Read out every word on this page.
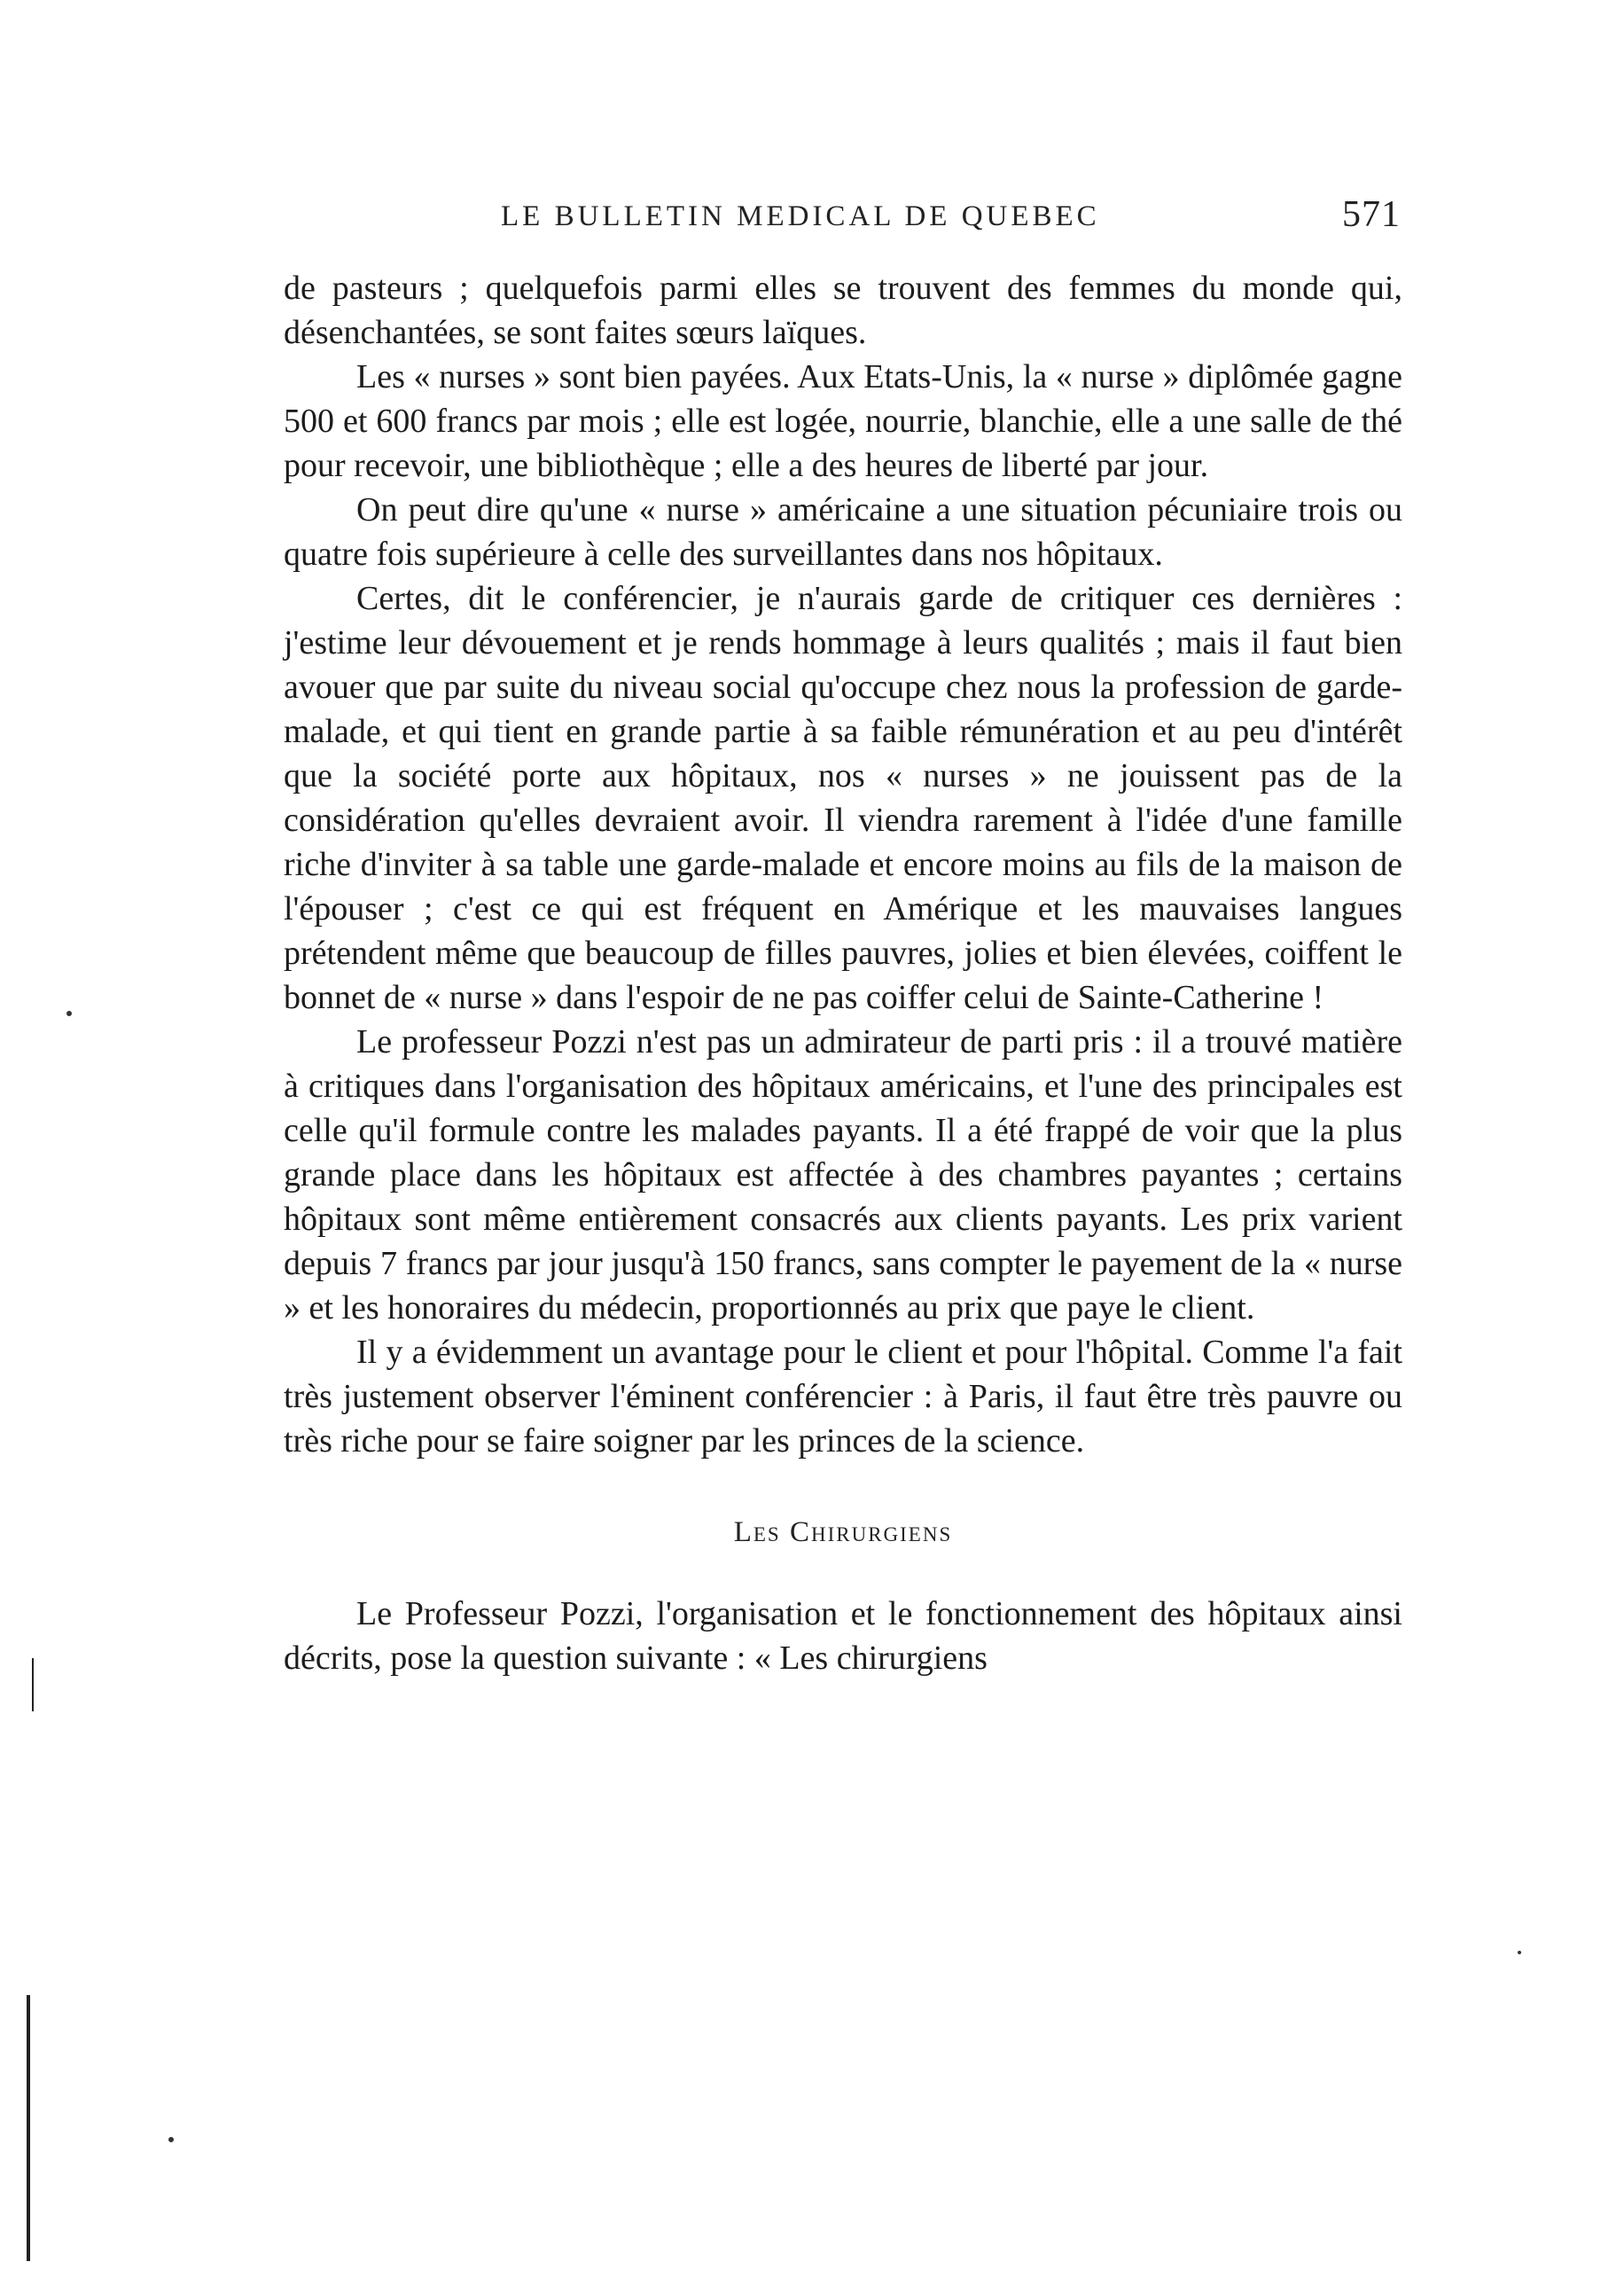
LE BULLETIN MEDICAL DE QUEBEC	571

de pasteurs ; quelquefois parmi elles se trouvent des femmes du monde qui, désenchantées, se sont faites sœurs laïques.

Les « nurses » sont bien payées. Aux Etats-Unis, la « nurse » diplômée gagne 500 et 600 francs par mois ; elle est logée, nourrie, blanchie, elle a une salle de thé pour recevoir, une bibliothèque ; elle a des heures de liberté par jour.

On peut dire qu'une « nurse » américaine a une situation pécuniaire trois ou quatre fois supérieure à celle des surveillantes dans nos hôpitaux.

Certes, dit le conférencier, je n'aurais garde de critiquer ces dernières : j'estime leur dévouement et je rends hommage à leurs qualités ; mais il faut bien avouer que par suite du niveau social qu'occupe chez nous la profession de garde-malade, et qui tient en grande partie à sa faible rémunération et au peu d'intérêt que la société porte aux hôpitaux, nos « nurses » ne jouissent pas de la considération qu'elles devraient avoir. Il viendra rarement à l'idée d'une famille riche d'inviter à sa table une garde-malade et encore moins au fils de la maison de l'épouser ; c'est ce qui est fréquent en Amérique et les mauvaises langues prétendent même que beaucoup de filles pauvres, jolies et bien élevées, coiffent le bonnet de « nurse » dans l'espoir de ne pas coiffer celui de Sainte-Catherine !

Le professeur Pozzi n'est pas un admirateur de parti pris : il a trouvé matière à critiques dans l'organisation des hôpitaux américains, et l'une des principales est celle qu'il formule contre les malades payants. Il a été frappé de voir que la plus grande place dans les hôpitaux est affectée à des chambres payantes ; certains hôpitaux sont même entièrement consacrés aux clients payants. Les prix varient depuis 7 francs par jour jusqu'à 150 francs, sans compter le payement de la « nurse » et les honoraires du médecin, proportionnés au prix que paye le client.

Il y a évidemment un avantage pour le client et pour l'hôpital. Comme l'a fait très justement observer l'éminent conférencier : à Paris, il faut être très pauvre ou très riche pour se faire soigner par les princes de la science.

Les Chirurgiens

Le Professeur Pozzi, l'organisation et le fonctionnement des hôpitaux ainsi décrits, pose la question suivante : « Les chirurgiens
